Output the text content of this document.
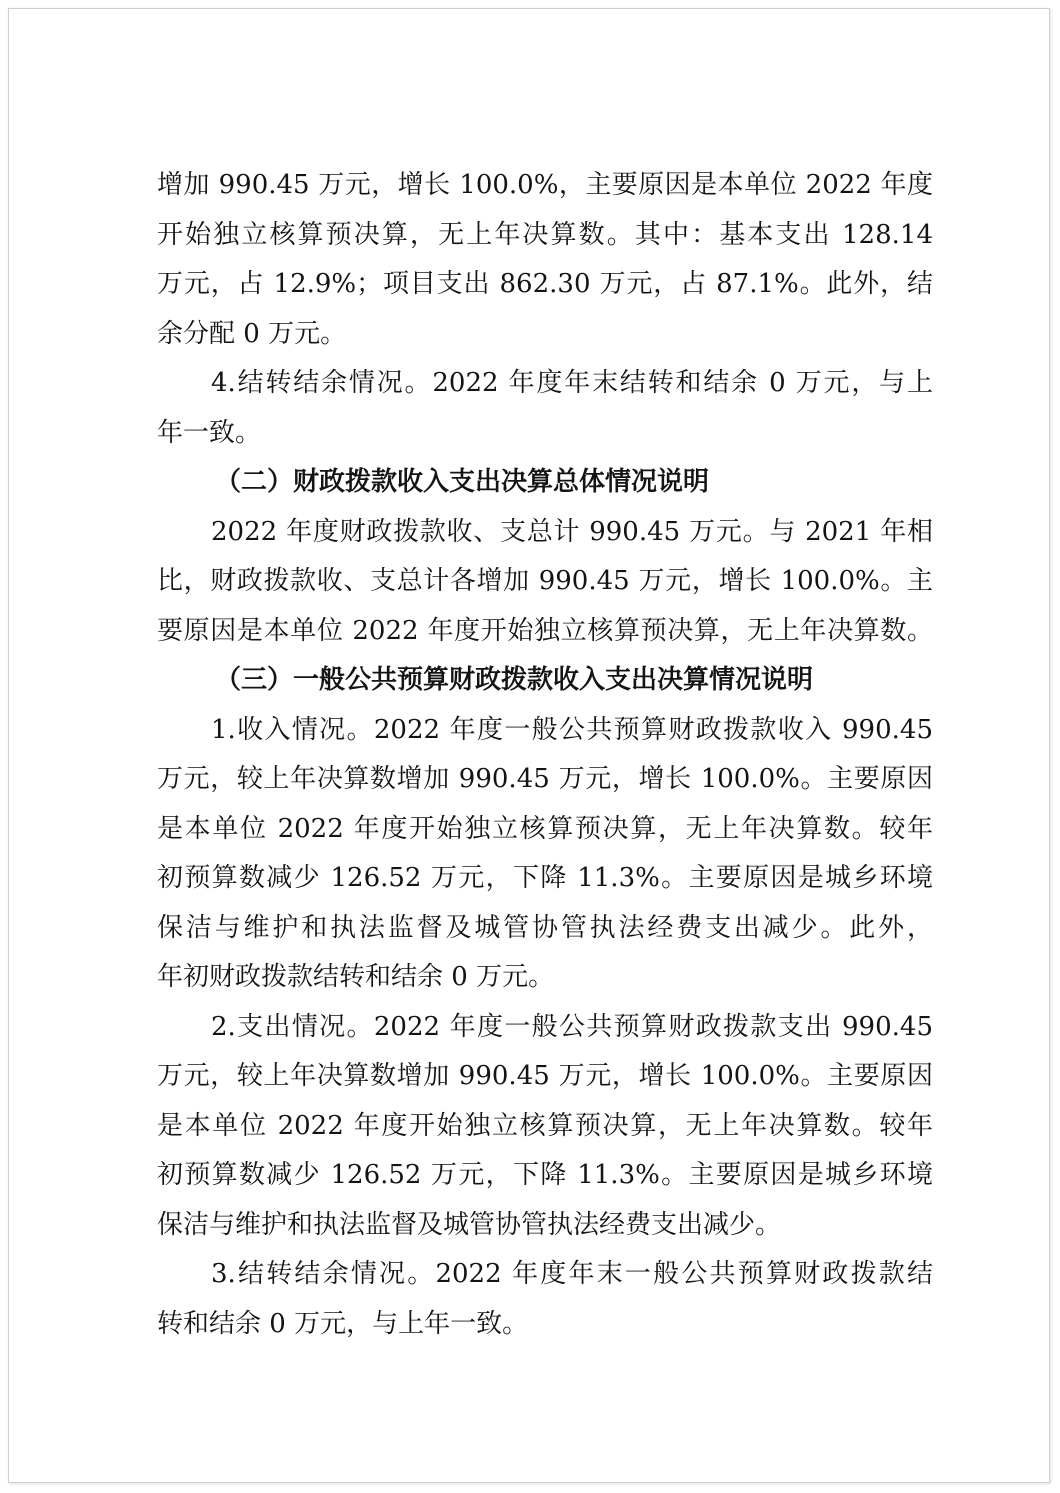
增加 990.45 万元，增长 100.0%，主要原因是本单位 2022 年度
开始独立核算预决算，无上年决算数。其中：基本支出 128.14
万元，占 12.9%；项目支出 862.30 万元，占 87.1%。此外，结
余分配 0 万元。
4.结转结余情况。2022 年度年末结转和结余 0 万元，与上
年一致。
（二）财政拨款收入支出决算总体情况说明
2022 年度财政拨款收、支总计 990.45 万元。与 2021 年相
比，财政拨款收、支总计各增加 990.45 万元，增长 100.0%。主
要原因是本单位 2022 年度开始独立核算预决算，无上年决算数。
（三）一般公共预算财政拨款收入支出决算情况说明
1.收入情况。2022 年度一般公共预算财政拨款收入 990.45
万元，较上年决算数增加 990.45 万元，增长 100.0%。主要原因
是本单位 2022 年度开始独立核算预决算，无上年决算数。较年
初预算数减少 126.52 万元，下降 11.3%。主要原因是城乡环境
保洁与维护和执法监督及城管协管执法经费支出减少。此外，
年初财政拨款结转和结余 0 万元。
2.支出情况。2022 年度一般公共预算财政拨款支出 990.45
万元，较上年决算数增加 990.45 万元，增长 100.0%。主要原因
是本单位 2022 年度开始独立核算预决算，无上年决算数。较年
初预算数减少 126.52 万元，下降 11.3%。主要原因是城乡环境
保洁与维护和执法监督及城管协管执法经费支出减少。
3.结转结余情况。2022 年度年末一般公共预算财政拨款结
转和结余 0 万元，与上年一致。
